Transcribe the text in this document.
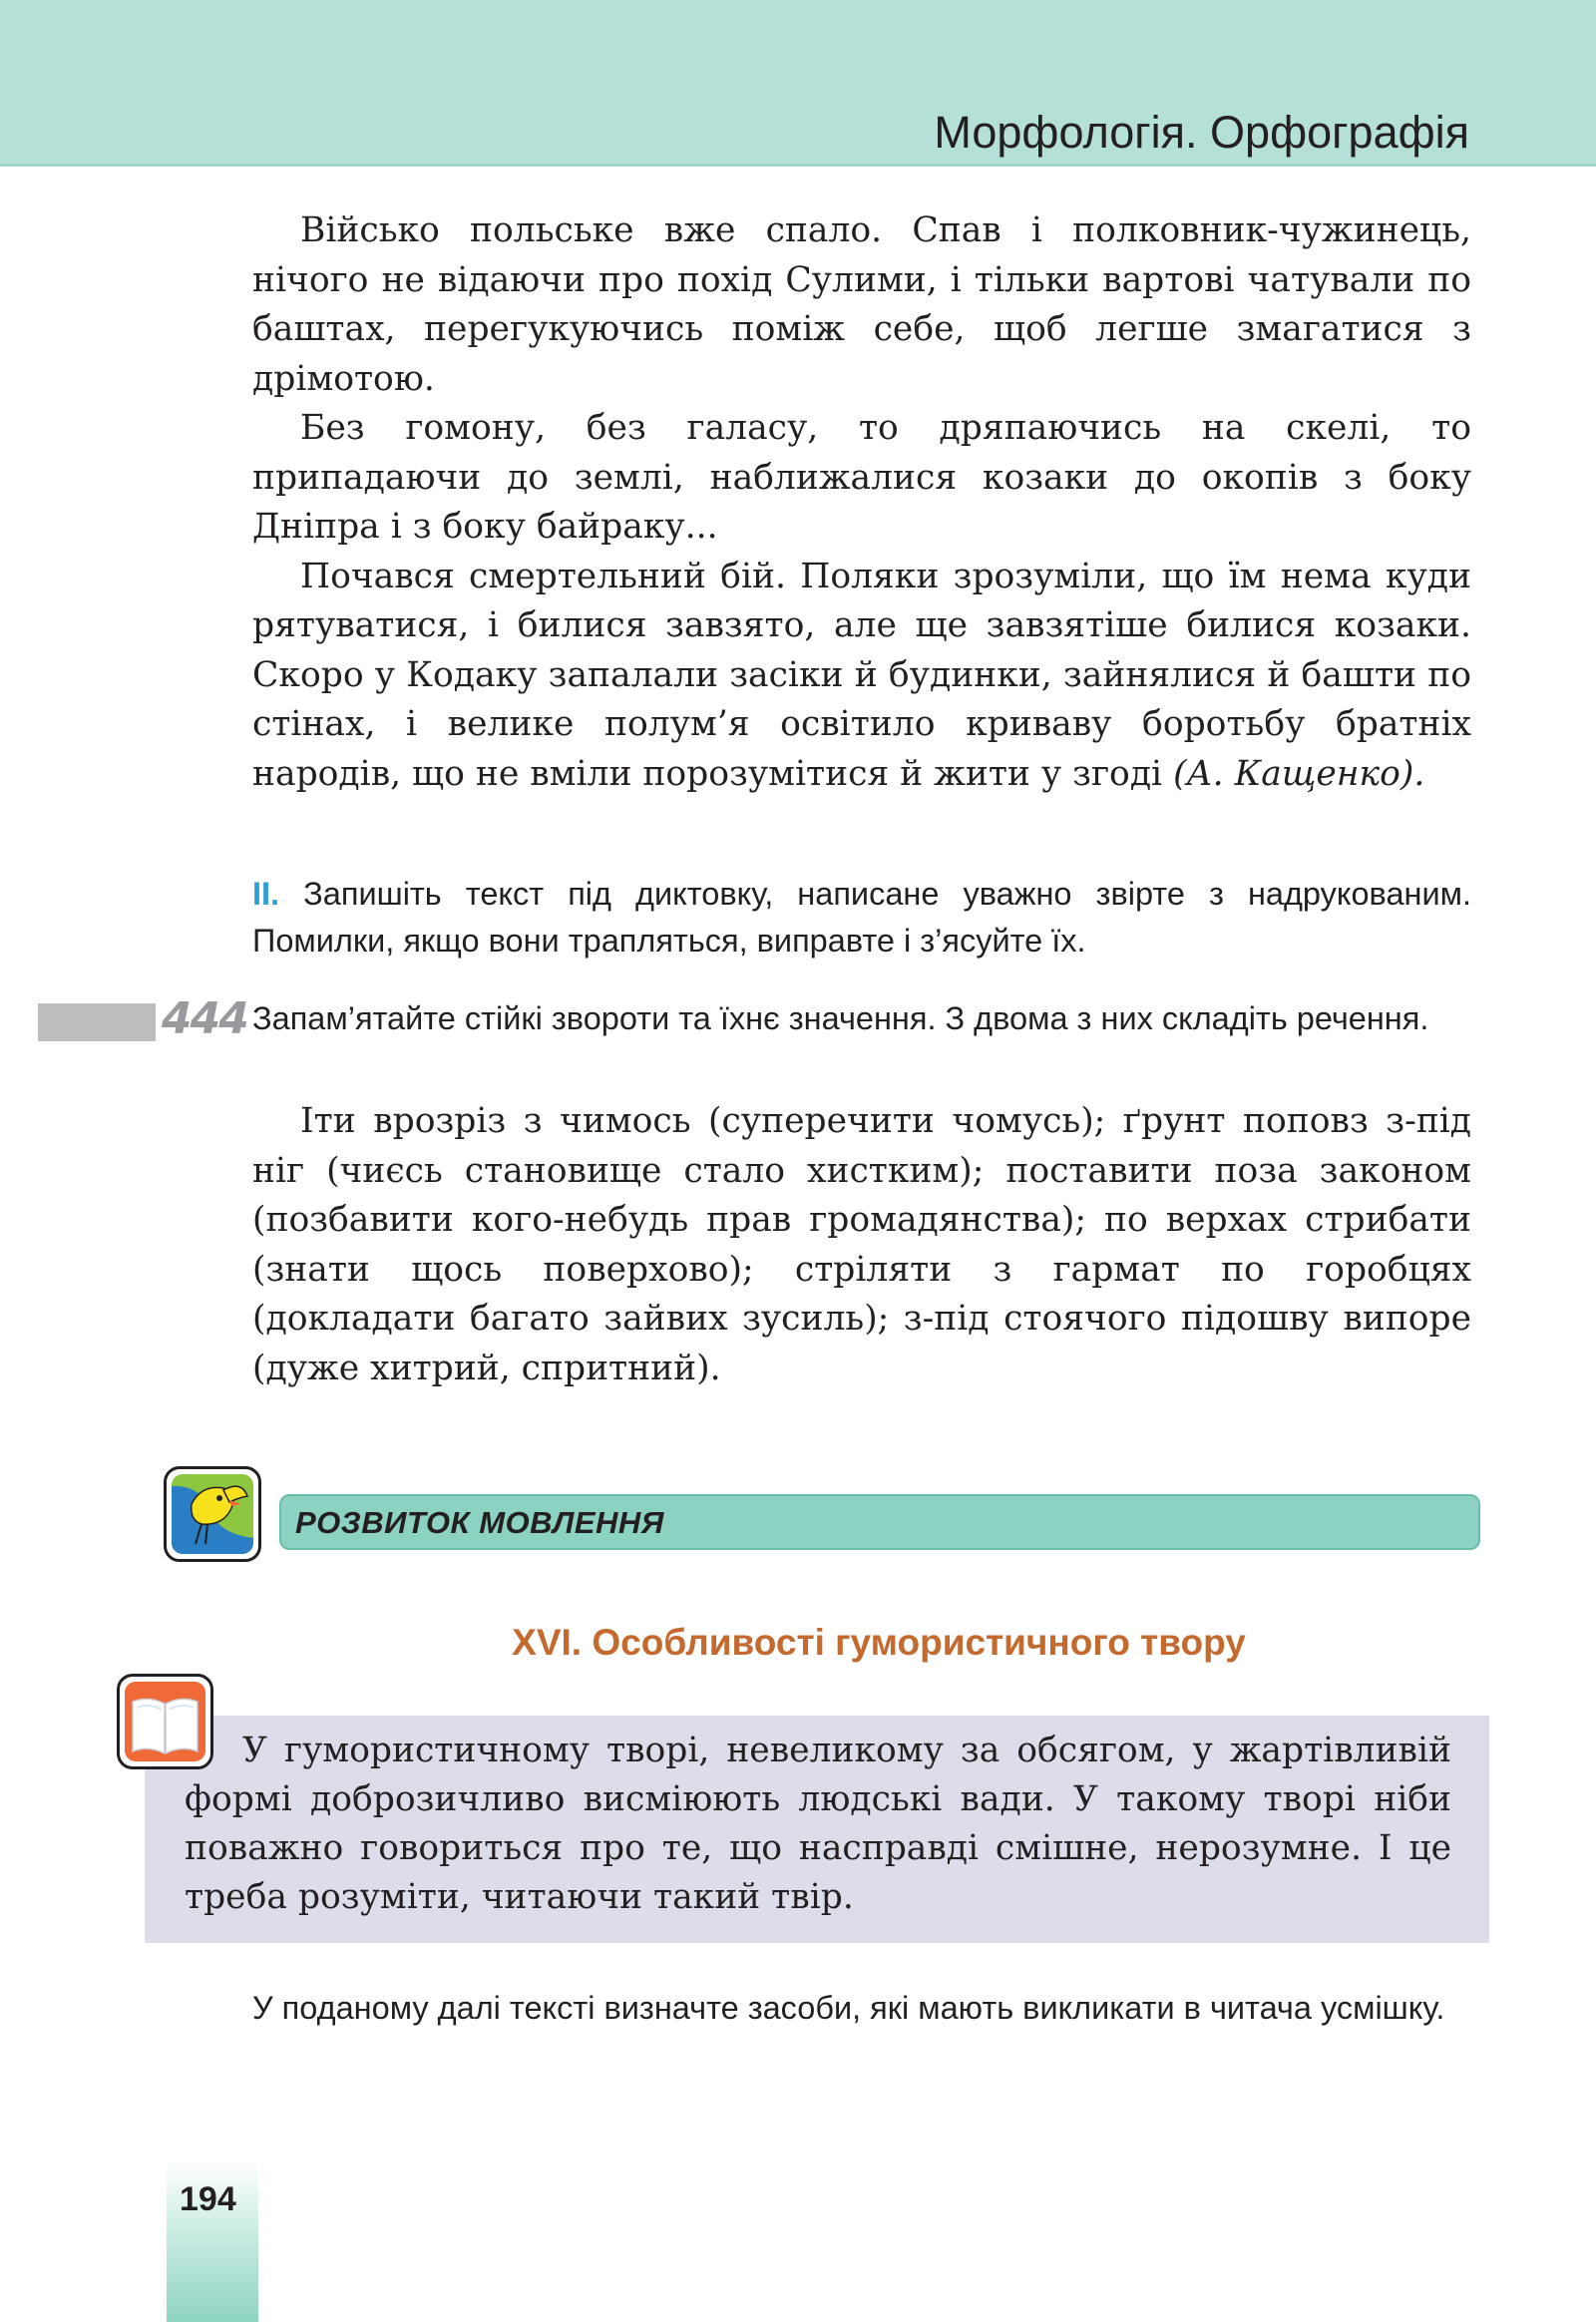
Морфологія. Орфографія

Військо польське вже спало. Спав і полковник-чужинець, нічого не відаючи про похід Сулими, і тільки вартові чатували по баштах, перегукуючись поміж себе, щоб легше змагатися з дрімотою.

Без гомону, без галасу, то дряпаючись на скелі, то припадаючи до землі, наближалися козаки до окопів з боку Дніпра і з боку байраку...

Почався смертельний бій. Поляки зрозуміли, що їм нема куди рятуватися, і билися завзято, але ще завзятіше билися козаки. Скоро у Кодаку запалали засіки й будинки, зайнялися й башти по стінах, і велике полум’я освітило криваву боротьбу братніх народів, що не вміли порозумітися й жити у згоді (А. Кащенко).

II. Запишіть текст під диктовку, написане уважно звірте з надрукованим. Помилки, якщо вони трапляться, виправте і з’ясуйте їх.
444 Запам’ятайте стійкі звороти та їхнє значення. З двома з них складіть речення.

Іти врозріз з чимось (суперечити чомусь); ґрунт поповз з-під ніг (чиєсь становище стало хистким); поставити поза законом (позбавити кого-небудь прав громадянства); по верхах стрибати (знати щось поверхово); стріляти з гармат по горобцях (докладати багато зайвих зусиль); з-під стоячого підошву випоре (дуже хитрий, спритний).

РОЗВИТОК МОВЛЕННЯ
XVI. Особливості гумористичного твору

У гумористичному творі, невеликому за обсягом, у жартівливій формі доброзичливо висміюють людські вади. У такому творі ніби поважно говориться про те, що насправді смішне, нерозумне. І це треба розуміти, читаючи такий твір.

У поданому далі тексті визначте засоби, які мають викликати в читача усмішку.
194
